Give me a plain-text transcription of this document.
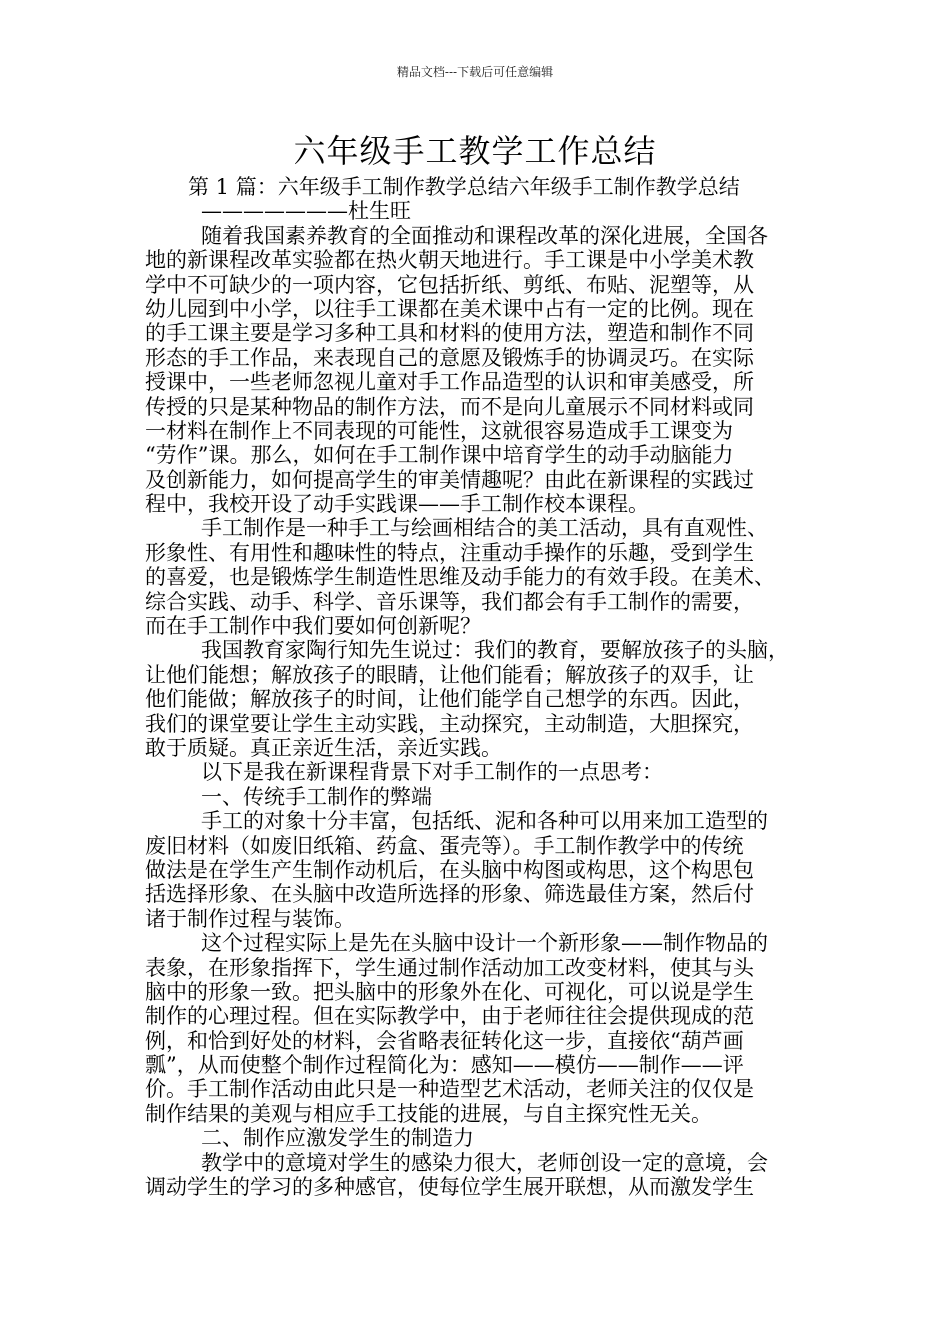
精品文档---下载后可任意编辑
六年级手工教学工作总结
第 1 篇：六年级手工制作教学总结六年级手工制作教学总结
———————杜生旺
随着我国素养教育的全面推动和课程改革的深化进展，全国各
地的新课程改革实验都在热火朝天地进行。手工课是中小学美术教
学中不可缺少的一项内容，它包括折纸、剪纸、布贴、泥塑等，从
幼儿园到中小学，以往手工课都在美术课中占有一定的比例。现在
的手工课主要是学习多种工具和材料的使用方法，塑造和制作不同
形态的手工作品，来表现自己的意愿及锻炼手的协调灵巧。在实际
授课中，一些老师忽视儿童对手工作品造型的认识和审美感受，所
传授的只是某种物品的制作方法，而不是向儿童展示不同材料或同
一材料在制作上不同表现的可能性，这就很容易造成手工课变为
“劳作”课。那么，如何在手工制作课中培育学生的动手动脑能力
及创新能力，如何提高学生的审美情趣呢？由此在新课程的实践过
程中，我校开设了动手实践课——手工制作校本课程。
手工制作是一种手工与绘画相结合的美工活动，具有直观性、
形象性、有用性和趣味性的特点，注重动手操作的乐趣，受到学生
的喜爱，也是锻炼学生制造性思维及动手能力的有效手段。在美术、
综合实践、动手、科学、音乐课等，我们都会有手工制作的需要，
而在手工制作中我们要如何创新呢？
我国教育家陶行知先生说过：我们的教育，要解放孩子的头脑，
让他们能想；解放孩子的眼睛，让他们能看；解放孩子的双手，让
他们能做；解放孩子的时间，让他们能学自己想学的东西。因此，
我们的课堂要让学生主动实践，主动探究，主动制造，大胆探究，
敢于质疑。真正亲近生活，亲近实践。
以下是我在新课程背景下对手工制作的一点思考：
一、传统手工制作的弊端
手工的对象十分丰富，包括纸、泥和各种可以用来加工造型的
废旧材料（如废旧纸箱、药盒、蛋壳等）。手工制作教学中的传统
做法是在学生产生制作动机后，在头脑中构图或构思，这个构思包
括选择形象、在头脑中改造所选择的形象、筛选最佳方案，然后付
诸于制作过程与装饰。
这个过程实际上是先在头脑中设计一个新形象——制作物品的
表象，在形象指挥下，学生通过制作活动加工改变材料，使其与头
脑中的形象一致。把头脑中的形象外在化、可视化，可以说是学生
制作的心理过程。但在实际教学中，由于老师往往会提供现成的范
例，和恰到好处的材料，会省略表征转化这一步，直接依“葫芦画
瓢”，从而使整个制作过程简化为：感知——模仿——制作——评
价。手工制作活动由此只是一种造型艺术活动，老师关注的仅仅是
制作结果的美观与相应手工技能的进展，与自主探究性无关。
二、制作应激发学生的制造力
教学中的意境对学生的感染力很大，老师创设一定的意境，会
调动学生的学习的多种感官，使每位学生展开联想，从而激发学生
